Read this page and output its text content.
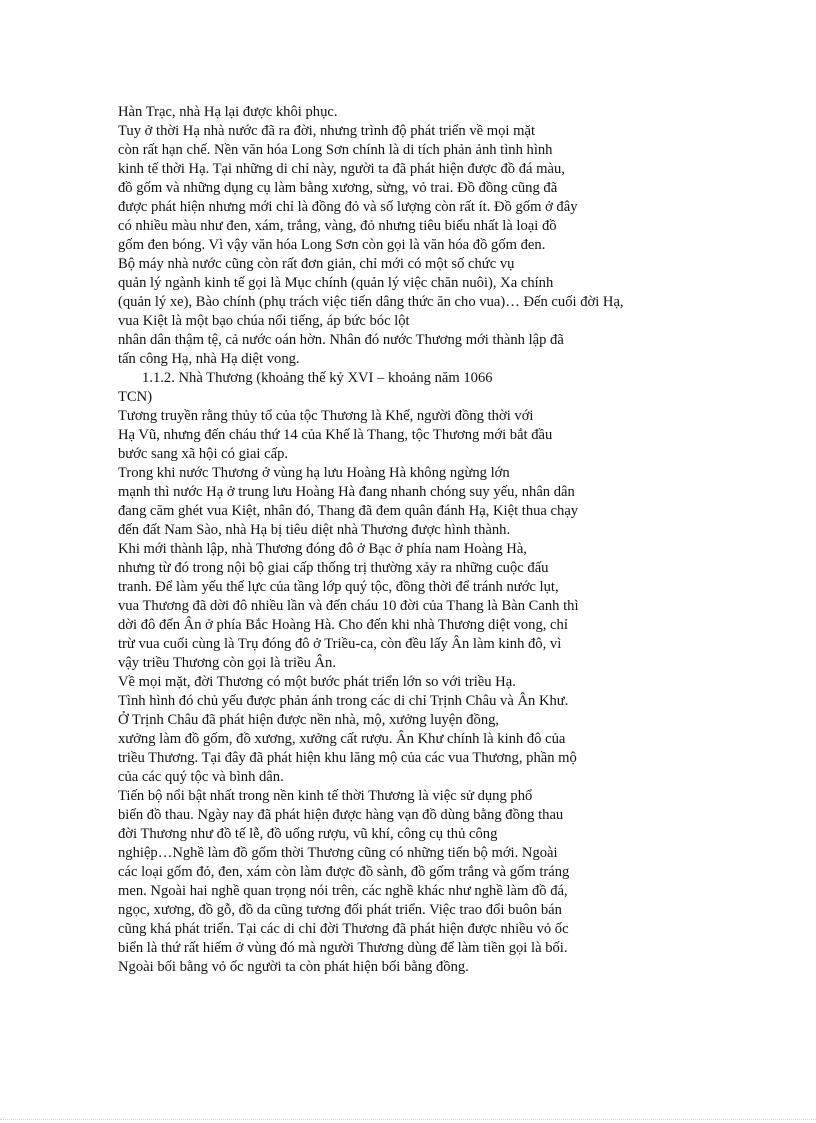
Hàn Trạc, nhà Hạ lại được khôi phục.
Tuy ở thời Hạ nhà nước đã ra đời, nhưng trình độ phát triển về mọi mặt
còn rất hạn chế. Nền văn hóa Long Sơn chính là di tích phản ảnh tình hình
kinh tế thời Hạ. Tại những di chỉ này, người ta đã phát hiện được đồ đá màu,
đồ gốm và những dụng cụ làm bằng xương, sừng, vỏ trai. Đồ đồng cũng đã
được phát hiện nhưng mới chỉ là đồng đỏ và số lượng còn rất ít. Đồ gốm ở đây
có nhiều màu như đen, xám, trắng, vàng, đỏ nhưng tiêu biểu nhất là loại đồ
gốm đen bóng. Vì vậy văn hóa Long Sơn còn gọi là văn hóa đồ gốm đen.
Bộ máy nhà nước cũng còn rất đơn giản, chỉ mới có một số chức vụ
quản lý ngành kinh tế gọi là Mục chính (quản lý việc chăn nuôi), Xa chính
(quản lý xe), Bào chính (phụ trách việc tiến dâng thức ăn cho vua)… Đến cuối đời Hạ,
vua Kiệt là một bạo chúa nổi tiếng, áp bức bóc lột
nhân dân thậm tệ, cả nước oán hờn. Nhân đó nước Thương mới thành lập đã
tấn công Hạ, nhà Hạ diệt vong.
1.1.2. Nhà Thương (khoảng thế kỷ XVI – khoảng năm 1066
TCN)
Tương truyền rằng thủy tổ của tộc Thương là Khế, người đồng thời với
Hạ Vũ, nhưng đến cháu thứ 14 của Khế là Thang, tộc Thương mới bắt đầu
bước sang xã hội có giai cấp.
Trong khi nước Thương ở vùng hạ lưu Hoàng Hà không ngừng lớn
mạnh thì nước Hạ ở trung lưu Hoàng Hà đang nhanh chóng suy yếu, nhân dân
đang căm ghét vua Kiệt, nhân đó, Thang đã đem quân đánh Hạ, Kiệt thua chạy
đến đất Nam Sào, nhà Hạ bị tiêu diệt nhà Thương được hình thành.
Khi mới thành lập, nhà Thương đóng đô ở Bạc ở phía nam Hoàng Hà,
nhưng từ đó trong nội bộ giai cấp thống trị thường xảy ra những cuộc đấu
tranh. Để làm yếu thế lực của tầng lớp quý tộc, đồng thời để tránh nước lụt,
vua Thương đã dời đô nhiều lần và đến cháu 10 đời của Thang là Bàn Canh thì
dời đô đến Ân ở phía Bắc Hoàng Hà. Cho đến khi nhà Thương diệt vong, chỉ
trừ vua cuối cùng là Trụ đóng đô ở Triều-ca, còn đều lấy Ân làm kinh đô, vì
vậy triều Thương còn gọi là triều Ân.
Về mọi mặt, đời Thương có một bước phát triển lớn so với triều Hạ.
Tình hình đó chủ yếu được phản ánh trong các di chỉ Trịnh Châu và Ân Khư.
Ở Trịnh Châu đã phát hiện được nền nhà, mộ, xưởng luyện đồng,
xưởng làm đồ gốm, đồ xương, xưởng cất rượu. Ân Khư chính là kinh đô của
triều Thương. Tại đây đã phát hiện khu lăng mộ của các vua Thương, phần mộ
của các quý tộc và bình dân.
Tiến bộ nổi bật nhất trong nền kinh tế thời Thương là việc sử dụng phổ
biến đồ thau. Ngày nay đã phát hiện được hàng vạn đồ dùng bằng đồng thau
đời Thương như đồ tế lễ, đồ uống rượu, vũ khí, công cụ thủ công
nghiệp…Nghề làm đồ gốm thời Thương cũng có những tiến bộ mới. Ngoài
các loại gốm đỏ, đen, xám còn làm được đồ sành, đồ gốm trắng và gốm tráng
men. Ngoài hai nghề quan trọng nói trên, các nghề khác như nghề làm đồ đá,
ngọc, xương, đồ gỗ, đồ da cũng tương đối phát triển. Việc trao đổi buôn bán
cũng khá phát triển. Tại các di chỉ đời Thương đã phát hiện được nhiều vỏ ốc
biển là thứ rất hiếm ở vùng đó mà người Thương dùng để làm tiền gọi là bối.
Ngoài bối bằng vỏ ốc người ta còn phát hiện bối bằng đồng.
